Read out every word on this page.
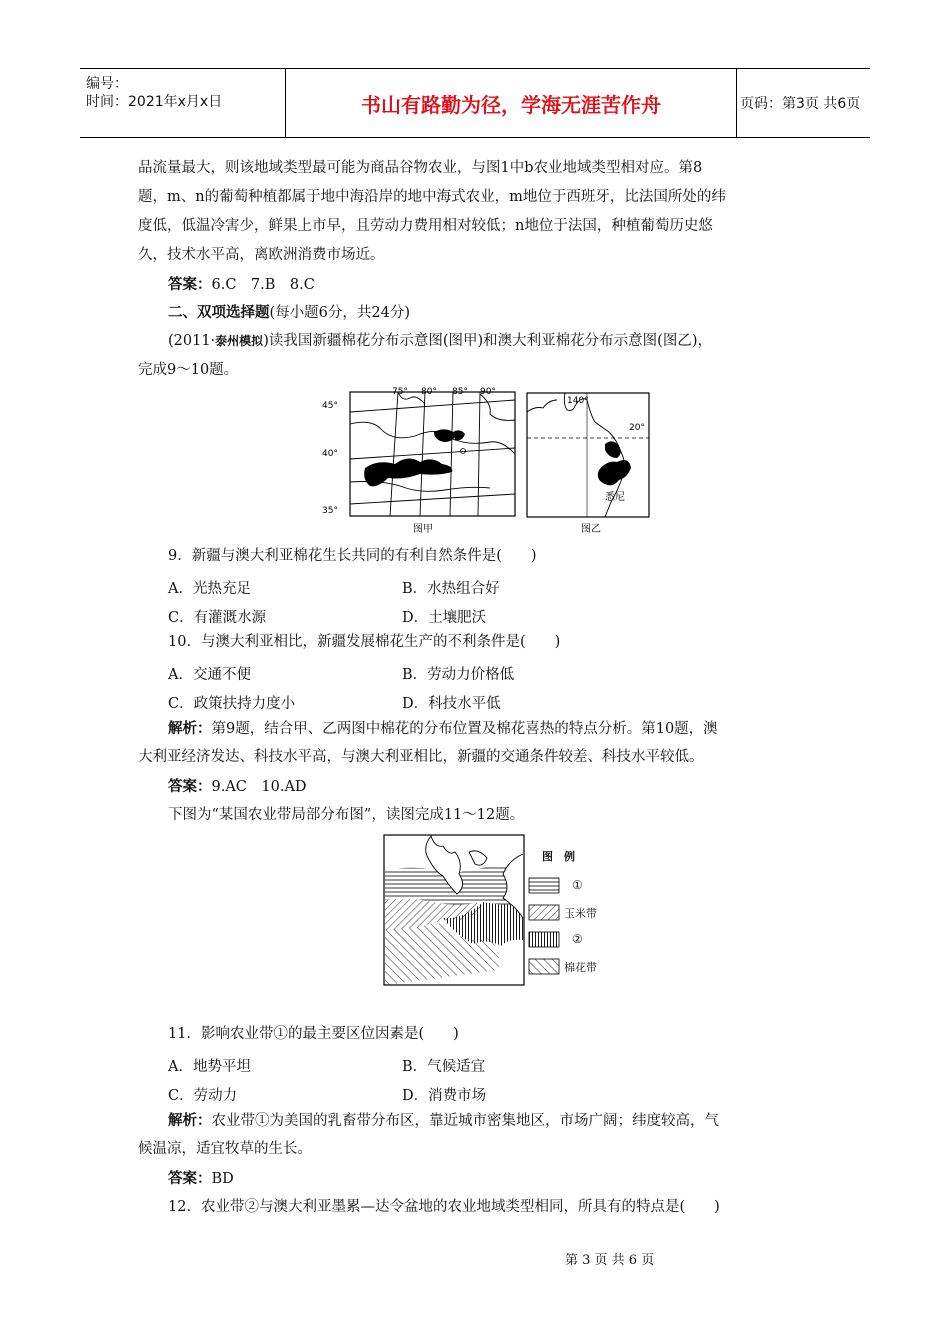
编号：
时间：2021年x月x日	书山有路勤为径，学海无涯苦作舟	页码：第3页 共6页
品流量最大，则该地域类型最可能为商品谷物农业，与图1中b农业地域类型相对应。第8
题，m、n的葡萄种植都属于地中海沿岸的地中海式农业，m地位于西班牙，比法国所处的纬
度低，低温冷害少，鲜果上市早，且劳动力费用相对较低；n地位于法国，种植葡萄历史悠
久，技术水平高，离欧洲消费市场近。
答案：6.C　7.B　8.C
二、双项选择题(每小题6分，共24分)
(2011·泰州模拟)读我国新疆棉花分布示意图(图甲)和澳大利亚棉花分布示意图(图乙)，
完成9～10题。
45°
40°
35°
75° 80° 85° 90°
图甲
140°
20°
悉尼
图乙
9．新疆与澳大利亚棉花生长共同的有利自然条件是(　　)
A．光热充足	B．水热组合好
C．有灌溉水源	D．土壤肥沃
10．与澳大利亚相比，新疆发展棉花生产的不利条件是(　　)
A．交通不便	B．劳动力价格低
C．政策扶持力度小	D．科技水平低
解析：第9题，结合甲、乙两图中棉花的分布位置及棉花喜热的特点分析。第10题，澳
大利亚经济发达、科技水平高，与澳大利亚相比，新疆的交通条件较差、科技水平较低。
答案：9.AC　10.AD
下图为“某国农业带局部分布图”，读图完成11～12题。
图　例
①
玉米带
②
棉花带
11．影响农业带①的最主要区位因素是(　　)
A．地势平坦	B．气候适宜
C．劳动力	D．消费市场
解析：农业带①为美国的乳畜带分布区，靠近城市密集地区，市场广阔；纬度较高，气
候温凉，适宜牧草的生长。
答案：BD
12．农业带②与澳大利亚墨累—达令盆地的农业地域类型相同，所具有的特点是(　　)
第 3 页 共 6 页
